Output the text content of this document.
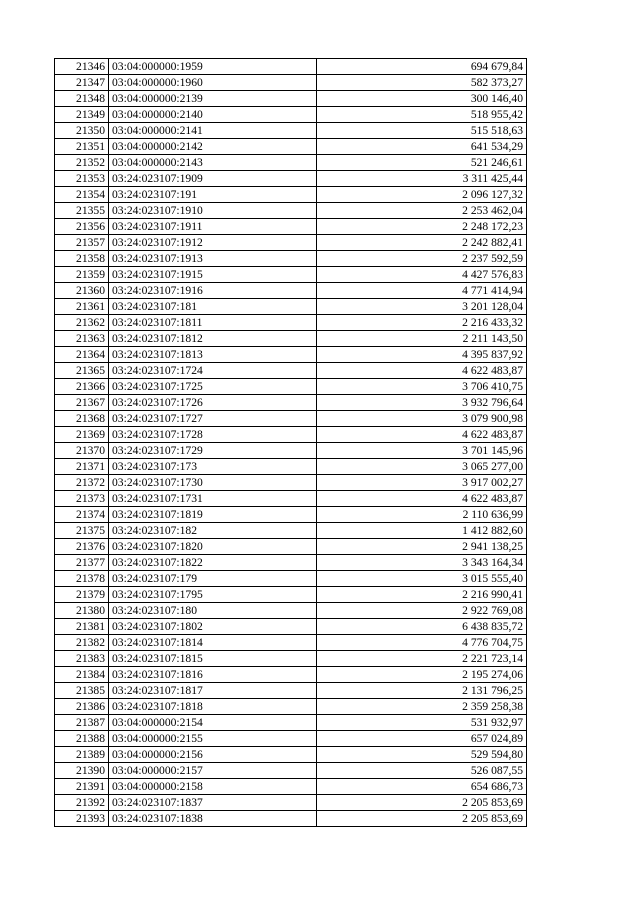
21346	03:04:000000:1959	694 679,84
21347	03:04:000000:1960	582 373,27
21348	03:04:000000:2139	300 146,40
21349	03:04:000000:2140	518 955,42
21350	03:04:000000:2141	515 518,63
21351	03:04:000000:2142	641 534,29
21352	03:04:000000:2143	521 246,61
21353	03:24:023107:1909	3 311 425,44
21354	03:24:023107:191	2 096 127,32
21355	03:24:023107:1910	2 253 462,04
21356	03:24:023107:1911	2 248 172,23
21357	03:24:023107:1912	2 242 882,41
21358	03:24:023107:1913	2 237 592,59
21359	03:24:023107:1915	4 427 576,83
21360	03:24:023107:1916	4 771 414,94
21361	03:24:023107:181	3 201 128,04
21362	03:24:023107:1811	2 216 433,32
21363	03:24:023107:1812	2 211 143,50
21364	03:24:023107:1813	4 395 837,92
21365	03:24:023107:1724	4 622 483,87
21366	03:24:023107:1725	3 706 410,75
21367	03:24:023107:1726	3 932 796,64
21368	03:24:023107:1727	3 079 900,98
21369	03:24:023107:1728	4 622 483,87
21370	03:24:023107:1729	3 701 145,96
21371	03:24:023107:173	3 065 277,00
21372	03:24:023107:1730	3 917 002,27
21373	03:24:023107:1731	4 622 483,87
21374	03:24:023107:1819	2 110 636,99
21375	03:24:023107:182	1 412 882,60
21376	03:24:023107:1820	2 941 138,25
21377	03:24:023107:1822	3 343 164,34
21378	03:24:023107:179	3 015 555,40
21379	03:24:023107:1795	2 216 990,41
21380	03:24:023107:180	2 922 769,08
21381	03:24:023107:1802	6 438 835,72
21382	03:24:023107:1814	4 776 704,75
21383	03:24:023107:1815	2 221 723,14
21384	03:24:023107:1816	2 195 274,06
21385	03:24:023107:1817	2 131 796,25
21386	03:24:023107:1818	2 359 258,38
21387	03:04:000000:2154	531 932,97
21388	03:04:000000:2155	657 024,89
21389	03:04:000000:2156	529 594,80
21390	03:04:000000:2157	526 087,55
21391	03:04:000000:2158	654 686,73
21392	03:24:023107:1837	2 205 853,69
21393	03:24:023107:1838	2 205 853,69
